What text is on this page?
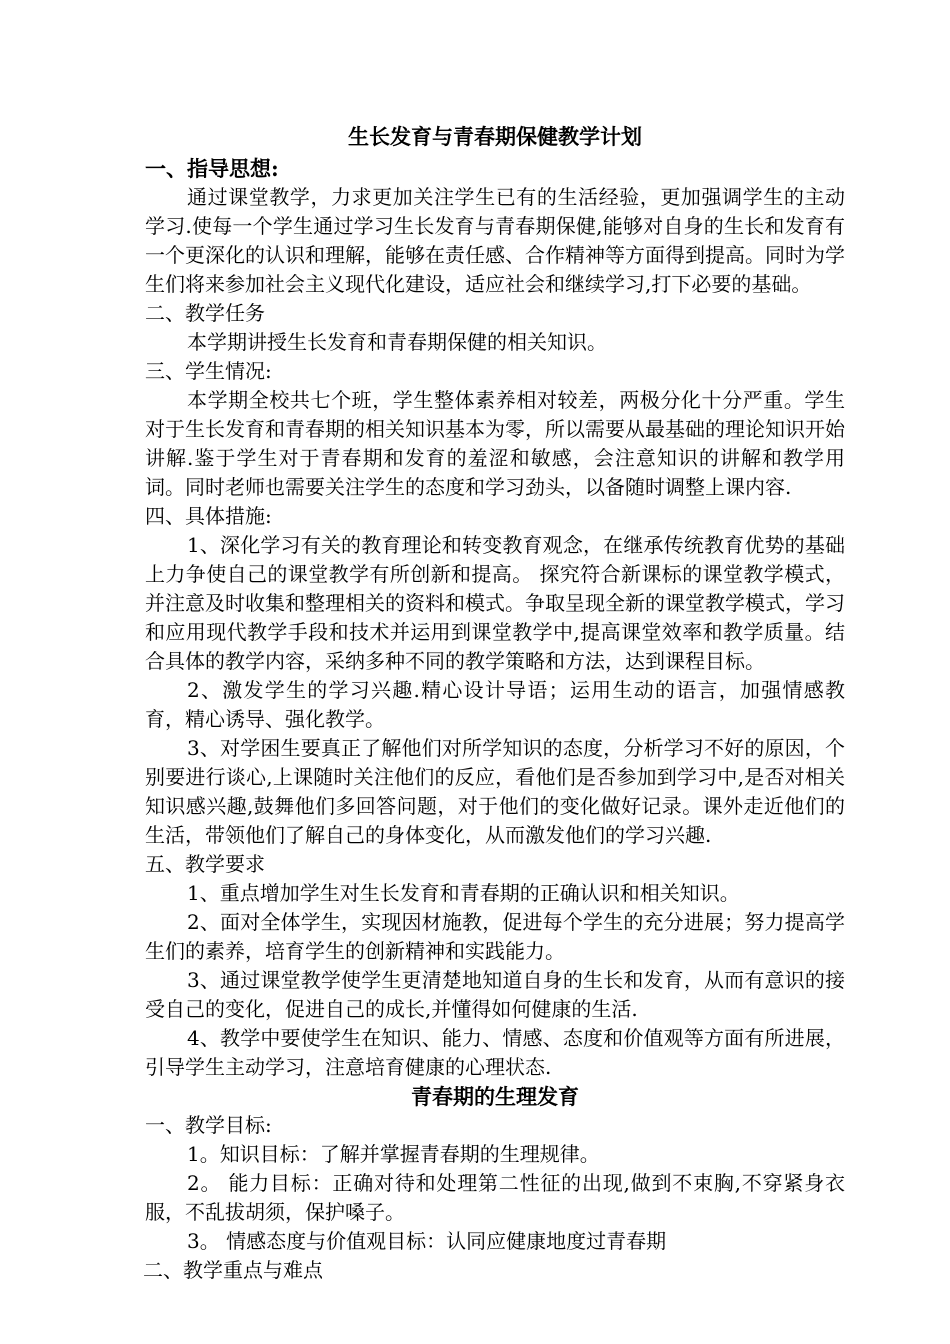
生长发育与青春期保健教学计划
一、指导思想:
通过课堂教学，力求更加关注学生已有的生活经验，更加强调学生的主动学习.使每一个学生通过学习生长发育与青春期保健,能够对自身的生长和发育有一个更深化的认识和理解，能够在责任感、合作精神等方面得到提高。同时为学生们将来参加社会主义现代化建设，适应社会和继续学习,打下必要的基础。
二、教学任务
本学期讲授生长发育和青春期保健的相关知识。
三、学生情况:
本学期全校共七个班，学生整体素养相对较差，两极分化十分严重。学生对于生长发育和青春期的相关知识基本为零，所以需要从最基础的理论知识开始讲解.鉴于学生对于青春期和发育的羞涩和敏感，会注意知识的讲解和教学用词。同时老师也需要关注学生的态度和学习劲头，以备随时调整上课内容.
四、具体措施:
1、深化学习有关的教育理论和转变教育观念，在继承传统教育优势的基础上力争使自己的课堂教学有所创新和提高。 探究符合新课标的课堂教学模式，并注意及时收集和整理相关的资料和模式。争取呈现全新的课堂教学模式，学习和应用现代教学手段和技术并运用到课堂教学中,提高课堂效率和教学质量。结合具体的教学内容，采纳多种不同的教学策略和方法，达到课程目标。
2、激发学生的学习兴趣.精心设计导语；运用生动的语言，加强情感教育，精心诱导、强化教学。
3、对学困生要真正了解他们对所学知识的态度，分析学习不好的原因，个别要进行谈心,上课随时关注他们的反应，看他们是否参加到学习中,是否对相关知识感兴趣,鼓舞他们多回答问题，对于他们的变化做好记录。课外走近他们的生活，带领他们了解自己的身体变化，从而激发他们的学习兴趣.
五、教学要求
1、重点增加学生对生长发育和青春期的正确认识和相关知识。
2、面对全体学生，实现因材施教，促进每个学生的充分进展；努力提高学生们的素养，培育学生的创新精神和实践能力。
3、通过课堂教学使学生更清楚地知道自身的生长和发育，从而有意识的接受自己的变化，促进自己的成长,并懂得如何健康的生活.
4、教学中要使学生在知识、能力、情感、态度和价值观等方面有所进展，引导学生主动学习，注意培育健康的心理状态.
青春期的生理发育
一、教学目标:
1。知识目标：了解并掌握青春期的生理规律。
2。 能力目标：正确对待和处理第二性征的出现,做到不束胸,不穿紧身衣服，不乱拔胡须，保护嗓子。
3。 情感态度与价值观目标：认同应健康地度过青春期
二、教学重点与难点
